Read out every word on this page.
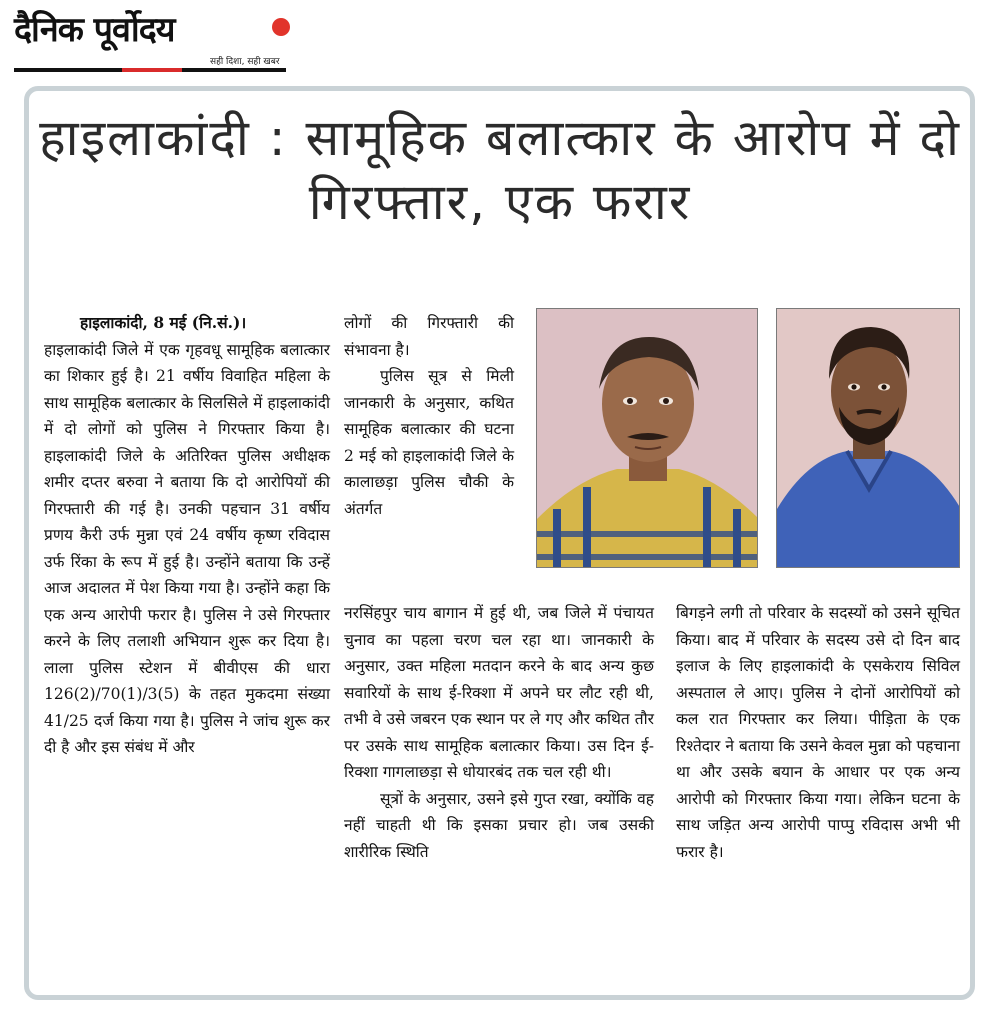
दैनिक पूर्वोदय
सही दिशा, सही खबर
हाइलाकांदी : सामूहिक बलात्कार के आरोप में दो गिरफ्तार, एक फरार

हाइलाकांदी, 8 मई (नि.सं.)।

हाइलाकांदी जिले में एक गृहवधू सामूहिक बलात्कार का शिकार हुई है। 21 वर्षीय विवाहित महिला के साथ सामूहिक बलात्कार के सिलसिले में हाइलाकांदी में दो लोगों को पुलिस ने गिरफ्तार किया है। हाइलाकांदी जिले के अतिरिक्त पुलिस अधीक्षक शमीर दप्तर बरुवा ने बताया कि दो आरोपियों की गिरफ्तारी की गई है। उनकी पहचान 31 वर्षीय प्रणय कैरी उर्फ मुन्ना एवं 24 वर्षीय कृष्ण रविदास उर्फ रिंका के रूप में हुई है। उन्होंने बताया कि उन्हें आज अदालत में पेश किया गया है। उन्होंने कहा कि एक अन्य आरोपी फरार है। पुलिस ने उसे गिरफ्तार करने के लिए तलाशी अभियान शुरू कर दिया है। लाला पुलिस स्टेशन में बीवीएस की धारा 126(2)/70(1)/3(5) के तहत मुकदमा संख्या 41/25 दर्ज किया गया है। पुलिस ने जांच शुरू कर दी है और इस संबंध में और

लोगों की गिरफ्तारी की संभावना है।

पुलिस सूत्र से मिली जानकारी के अनुसार, कथित सामूहिक बलात्कार की घटना 2 मई को हाइलाकांदी जिले के कालाछड़ा पुलिस चौकी के अंतर्गत

नरसिंहपुर चाय बागान में हुई थी, जब जिले में पंचायत चुनाव का पहला चरण चल रहा था। जानकारी के अनुसार, उक्त महिला मतदान करने के बाद अन्य कुछ सवारियों के साथ ई-रिक्शा में अपने घर लौट रही थी, तभी वे उसे जबरन एक स्थान पर ले गए और कथित तौर पर उसके साथ सामूहिक बलात्कार किया। उस दिन ई-रिक्शा गागलाछड़ा से धोयारबंद तक चल रही थी।

सूत्रों के अनुसार, उसने इसे गुप्त रखा, क्योंकि वह नहीं चाहती थी कि इसका प्रचार हो। जब उसकी शारीरिक स्थिति

बिगड़ने लगी तो परिवार के सदस्यों को उसने सूचित किया। बाद में परिवार के सदस्य उसे दो दिन बाद इलाज के लिए हाइलाकांदी के एसकेराय सिविल अस्पताल ले आए। पुलिस ने दोनों आरोपियों को कल रात गिरफ्तार कर लिया। पीड़िता के एक रिश्तेदार ने बताया कि उसने केवल मुन्ना को पहचाना था और उसके बयान के आधार पर एक अन्य आरोपी को गिरफ्तार किया गया। लेकिन घटना के साथ जड़ित अन्य आरोपी पाप्पु रविदास अभी भी फरार है।
